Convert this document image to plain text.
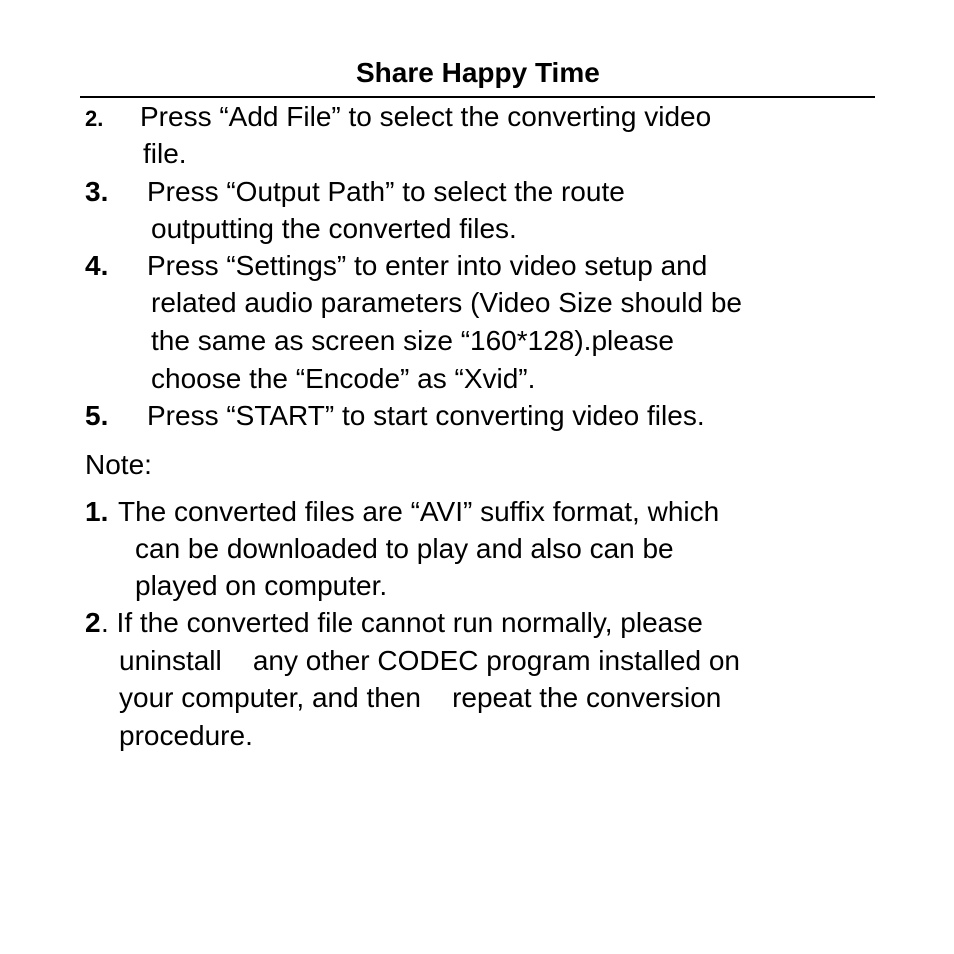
Share Happy Time
2. Press “Add File” to select the converting video
file.
3. Press “Output Path” to select the route
outputting the converted files.
4. Press “Settings” to enter into video setup and
related audio parameters (Video Size should be
the same as screen size “160*128).please
choose the “Encode” as “Xvid”.
5. Press “START” to start converting video files.
Note:
1. The converted files are “AVI” suffix format, which
can be downloaded to play and also can be
played on computer.
2 . If the converted file cannot run normally, please
uninstall    any other CODEC program installed on
your computer, and then    repeat the conversion
procedure.
